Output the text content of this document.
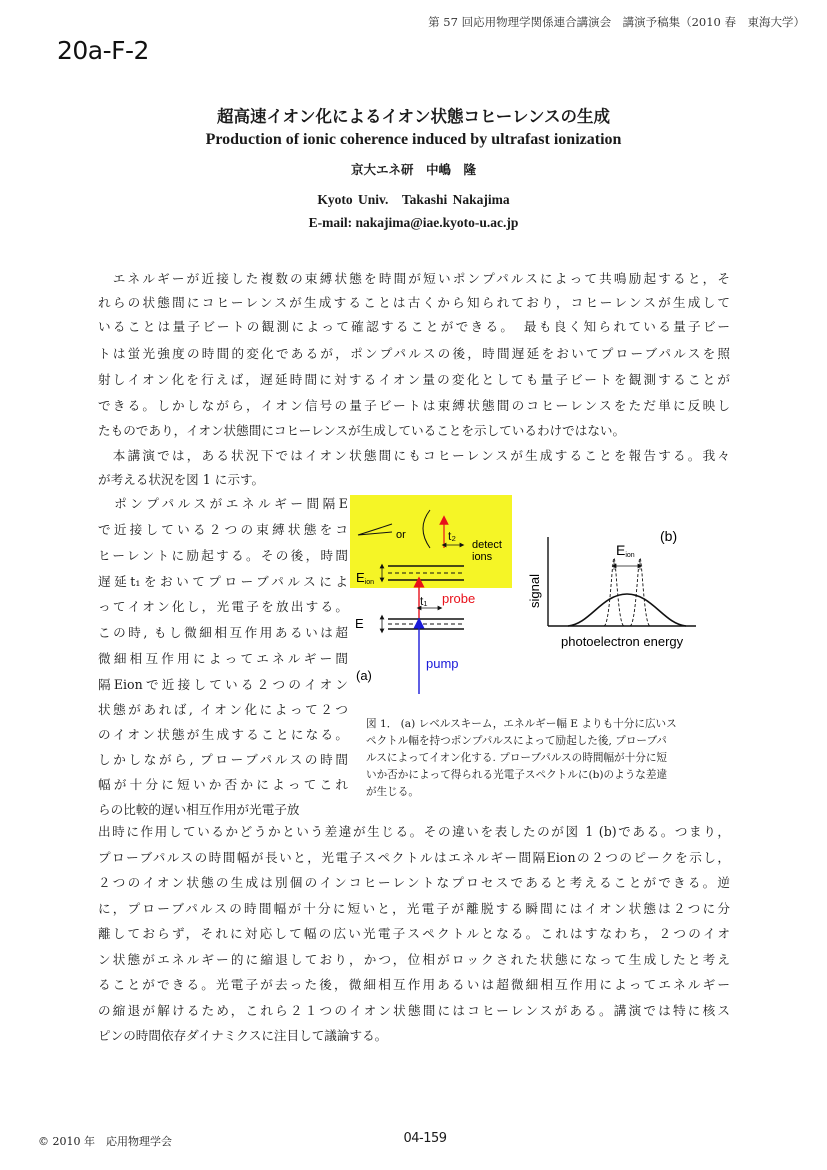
第 57 回応用物理学関係連合講演会　講演予稿集（2010 春　東海大学）
20a-F-2
超高速イオン化によるイオン状態コヒーレンスの生成
Production of ionic coherence induced by ultrafast ionization
京大エネ研　中嶋　隆
Kyoto Univ.　Takashi Nakajima
E-mail: nakajima@iae.kyoto-u.ac.jp
　エネルギーが近接した複数の束縛状態を時間が短いポンプパルスによって共鳴励起すると，そ
れらの状態間にコヒーレンスが生成することは古くから知られており，コヒーレンスが生成して
いることは量子ビートの観測によって確認することができる。　最も良く知られている量子ビー
トは蛍光強度の時間的変化であるが，ポンプパルスの後，時間遅延をおいてプローブパルスを照
射しイオン化を行えば，遅延時間に対するイオン量の変化としても量子ビートを観測することが
できる。しかしながら，イオン信号の量子ビートは束縛状態間のコヒーレンスをただ単に反映し
たものであり，イオン状態間にコヒーレンスが生成していることを示しているわけではない。
　本講演では，ある状況下ではイオン状態間にもコヒーレンスが生成することを報告する。我々
が考える状況を図 1 に示す。
　ポンプパルスがエネルギー間隔E
で近接している２つの束縛状態をコ
ヒーレントに励起する。その後，時間
遅延t₁をおいてプローブパルスによ
ってイオン化し，光電子を放出する。
この時, もし微細相互作用あるいは超
微細相互作用によってエネルギー間
隔Eionで近接している２つのイオン
状態があれば, イオン化によって２つ
のイオン状態が生成することになる。
しかしながら, プローブパルスの時間
幅が十分に短いか否かによってこれ
らの比較的遅い相互作用が光電子放
or	t₂
detect
ions
Eion
probe
t₁
E
pump
(a)
signal
photoelectron energy
(b)
Eion
図 1． (a) レベルスキーム，エネルギー幅 E よりも十分に広いス
ペクトル幅を持つポンプパルスによって励起した後, プローブパ
ルスによってイオン化する. プローブパルスの時間幅が十分に短
いか否かによって得られる光電子スペクトルに(b)のような差違
が生じる。
出時に作用しているかどうかという差違が生じる。その違いを表したのが図 1 (b)である。つまり，
プローブパルスの時間幅が長いと，光電子スペクトルはエネルギー間隔Eionの２つのピークを示し，
２つのイオン状態の生成は別個のインコヒーレントなプロセスであると考えることができる。逆
に，プローブパルスの時間幅が十分に短いと，光電子が離脱する瞬間にはイオン状態は２つに分
離しておらず，それに対応して幅の広い光電子スペクトルとなる。これはすなわち，２つのイオ
ン状態がエネルギー的に縮退しており，かつ，位相がロックされた状態になって生成したと考え
ることができる。光電子が去った後，微細相互作用あるいは超微細相互作用によってエネルギー
の縮退が解けるため，これら２１つのイオン状態間にはコヒーレンスがある。講演では特に核ス
ピンの時間依存ダイナミクスに注目して議論する。
© 2010 年　応用物理学会	04-159
